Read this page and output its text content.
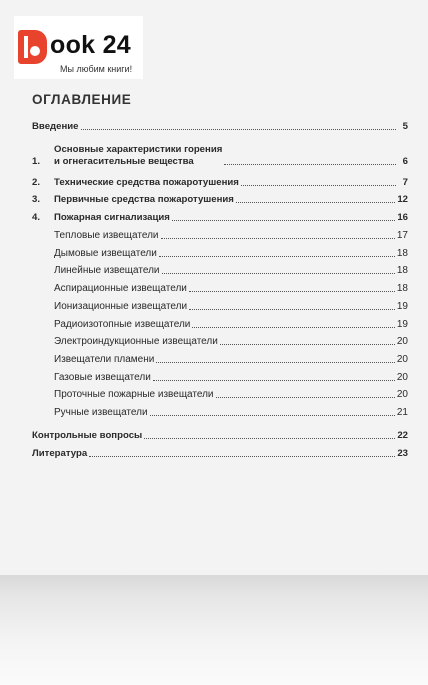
ook 24
Мы любим книги!
ОГЛАВЛЕНИЕ
Введение	5
1.
Основные характеристики горения
и огнегасительные вещества	6
2.	Технические средства пожаротушения	7
3.	Первичные средства пожаротушения	12
4.	Пожарная сигнализация	16
Тепловые извещатели	17
Дымовые извещатели	18
Линейные извещатели	18
Аспирационные извещатели	18
Ионизационные извещатели	19
Радиоизотопные извещатели	19
Электроиндукционные извещатели	20
Извещатели пламени	20
Газовые извещатели	20
Проточные пожарные извещатели	20
Ручные извещатели	21
Контрольные вопросы	22
Литература	23
